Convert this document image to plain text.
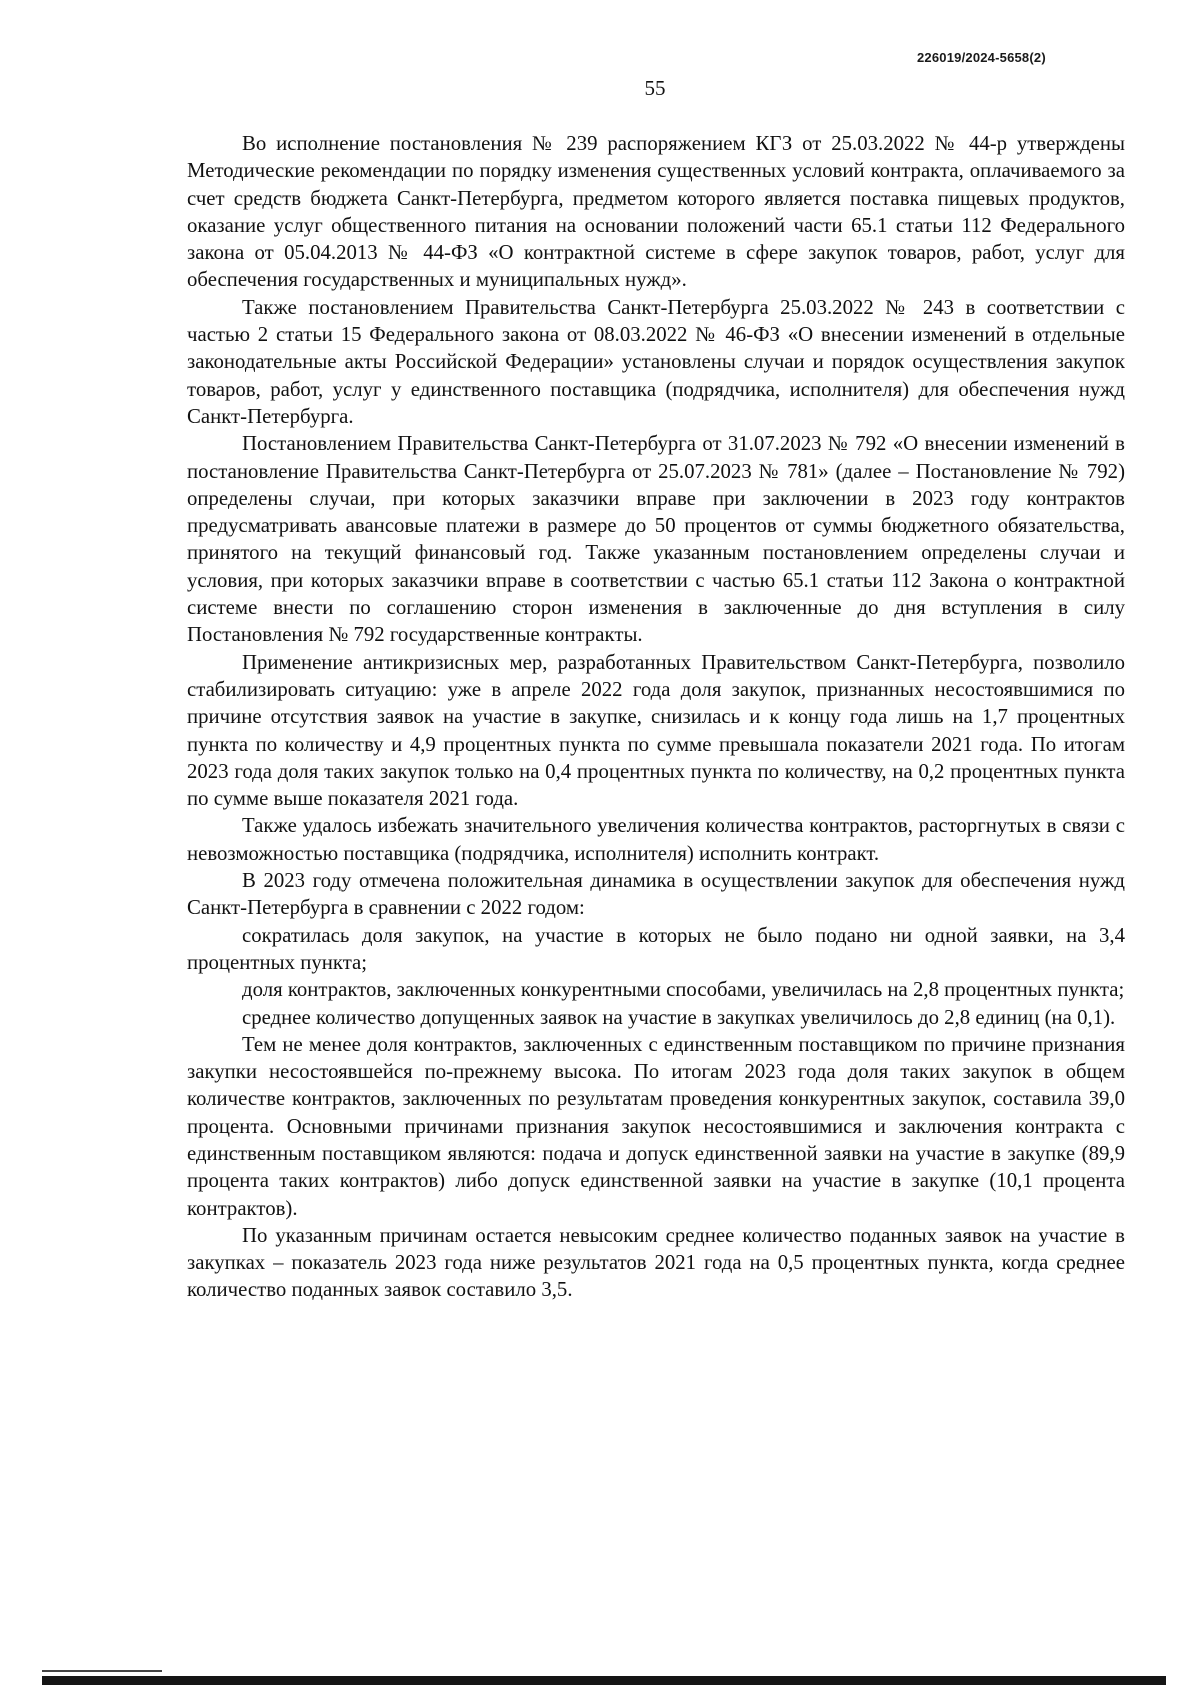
226019/2024-5658(2)
55

Во исполнение постановления № 239 распоряжением КГЗ от 25.03.2022 № 44-р утверждены Методические рекомендации по порядку изменения существенных условий контракта, оплачиваемого за счет средств бюджета Санкт-Петербурга, предметом которого является поставка пищевых продуктов, оказание услуг общественного питания на основании положений части 65.1 статьи 112 Федерального закона от 05.04.2013 № 44-ФЗ «О контрактной системе в сфере закупок товаров, работ, услуг для обеспечения государственных и муниципальных нужд».

Также постановлением Правительства Санкт-Петербурга 25.03.2022 № 243 в соответствии с частью 2 статьи 15 Федерального закона от 08.03.2022 № 46-ФЗ «О внесении изменений в отдельные законодательные акты Российской Федерации» установлены случаи и порядок осуществления закупок товаров, работ, услуг у единственного поставщика (подрядчика, исполнителя) для обеспечения нужд Санкт-Петербурга.

Постановлением Правительства Санкт-Петербурга от 31.07.2023 № 792 «О внесении изменений в постановление Правительства Санкт-Петербурга от 25.07.2023 № 781» (далее – Постановление № 792) определены случаи, при которых заказчики вправе при заключении в 2023 году контрактов предусматривать авансовые платежи в размере до 50 процентов от суммы бюджетного обязательства, принятого на текущий финансовый год. Также указанным постановлением определены случаи и условия, при которых заказчики вправе в соответствии с частью 65.1 статьи 112 Закона о контрактной системе внести по соглашению сторон изменения в заключенные до дня вступления в силу Постановления № 792 государственные контракты.

Применение антикризисных мер, разработанных Правительством Санкт-Петербурга, позволило стабилизировать ситуацию: уже в апреле 2022 года доля закупок, признанных несостоявшимися по причине отсутствия заявок на участие в закупке, снизилась и к концу года лишь на 1,7 процентных пункта по количеству и 4,9 процентных пункта по сумме превышала показатели 2021 года. По итогам 2023 года доля таких закупок только на 0,4 процентных пункта по количеству, на 0,2 процентных пункта по сумме выше показателя 2021 года.

Также удалось избежать значительного увеличения количества контрактов, расторгнутых в связи с невозможностью поставщика (подрядчика, исполнителя) исполнить контракт.

В 2023 году отмечена положительная динамика в осуществлении закупок для обеспечения нужд Санкт-Петербурга в сравнении с 2022 годом:

сократилась доля закупок, на участие в которых не было подано ни одной заявки, на 3,4 процентных пункта;

доля контрактов, заключенных конкурентными способами, увеличилась на 2,8 процентных пункта;

среднее количество допущенных заявок на участие в закупках увеличилось до 2,8 единиц (на 0,1).

Тем не менее доля контрактов, заключенных с единственным поставщиком по причине признания закупки несостоявшейся по-прежнему высока. По итогам 2023 года доля таких закупок в общем количестве контрактов, заключенных по результатам проведения конкурентных закупок, составила 39,0 процента. Основными причинами признания закупок несостоявшимися и заключения контракта с единственным поставщиком являются: подача и допуск единственной заявки на участие в закупке (89,9 процента таких контрактов) либо допуск единственной заявки на участие в закупке (10,1 процента контрактов).

По указанным причинам остается невысоким среднее количество поданных заявок на участие в закупках – показатель 2023 года ниже результатов 2021 года на 0,5 процентных пункта, когда среднее количество поданных заявок составило 3,5.
